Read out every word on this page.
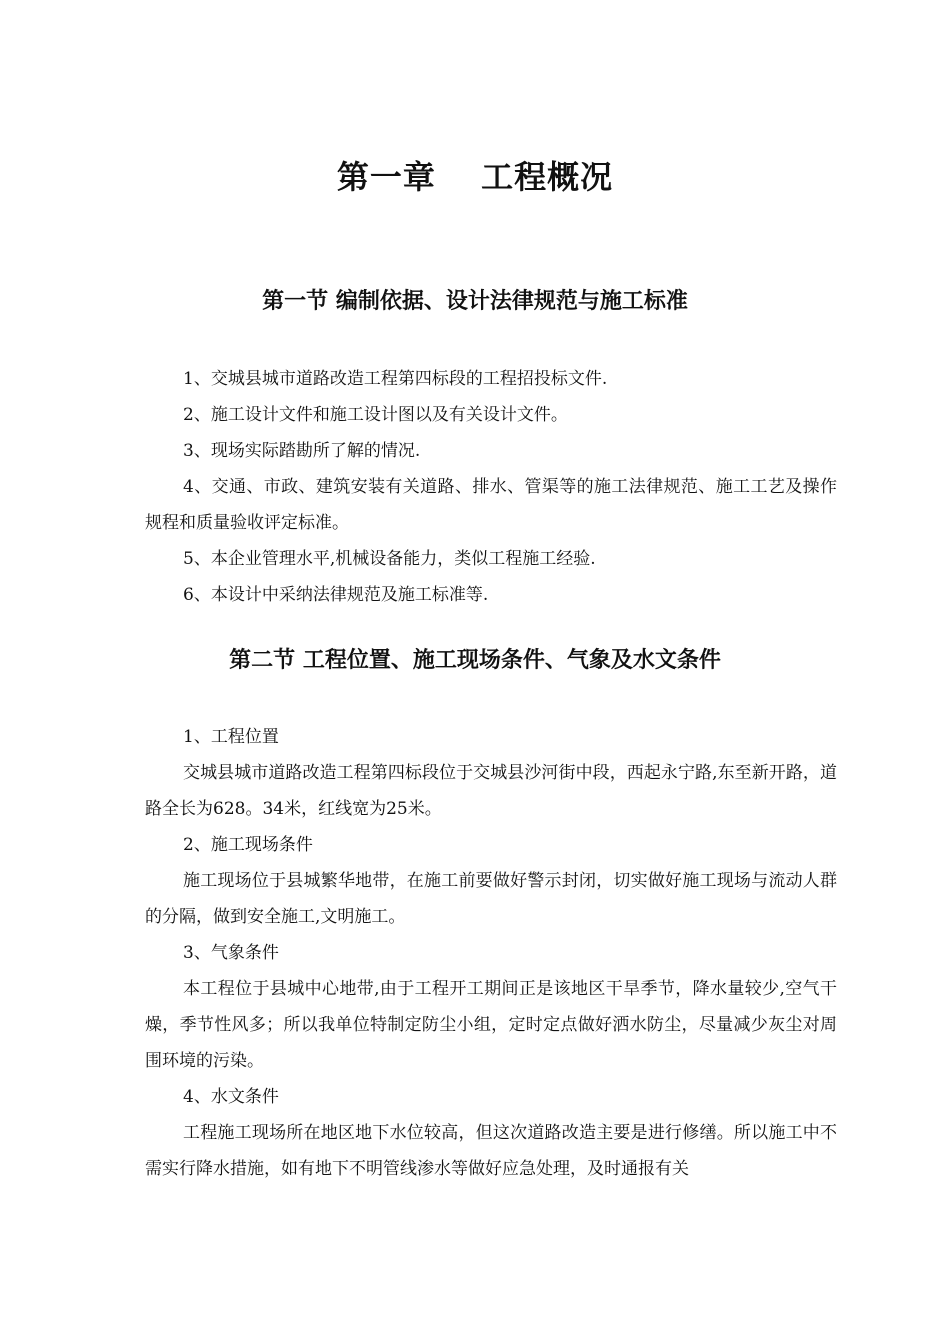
第一章　 工程概况
第一节 编制依据、设计法律规范与施工标准

1、交城县城市道路改造工程第四标段的工程招投标文件.

2、施工设计文件和施工设计图以及有关设计文件。

3、现场实际踏勘所了解的情况.

4、交通、市政、建筑安装有关道路、排水、管渠等的施工法律规范、施工工艺及操作规程和质量验收评定标准。

5、本企业管理水平,机械设备能力，类似工程施工经验.

6、本设计中采纳法律规范及施工标准等.

第二节 工程位置、施工现场条件、气象及水文条件

1、工程位置

交城县城市道路改造工程第四标段位于交城县沙河街中段，西起永宁路,东至新开路，道路全长为628。34米，红线宽为25米。

2、施工现场条件

施工现场位于县城繁华地带，在施工前要做好警示封闭，切实做好施工现场与流动人群的分隔，做到安全施工,文明施工。

3、气象条件

本工程位于县城中心地带,由于工程开工期间正是该地区干旱季节，降水量较少,空气干燥，季节性风多；所以我单位特制定防尘小组，定时定点做好洒水防尘，尽量减少灰尘对周围环境的污染。

4、水文条件

工程施工现场所在地区地下水位较高，但这次道路改造主要是进行修缮。所以施工中不需实行降水措施，如有地下不明管线渗水等做好应急处理，及时通报有关
